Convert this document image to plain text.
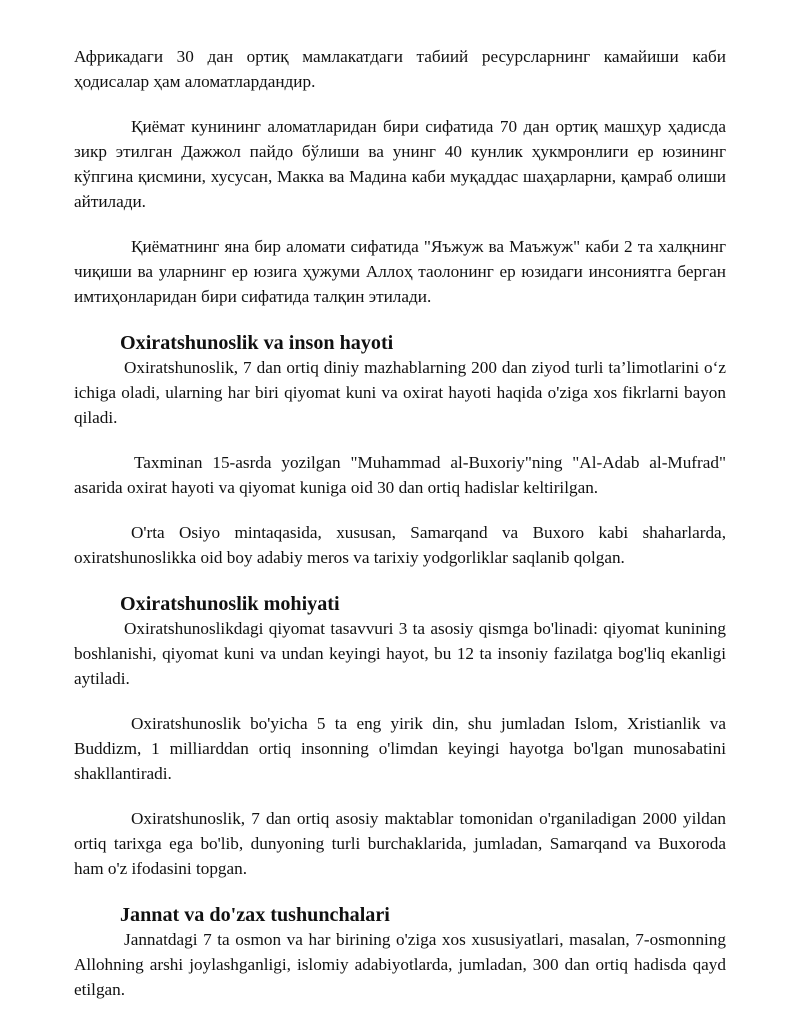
Африкадаги 30 дан ортиқ мамлакатдаги табиий ресурсларнинг камайиши каби ҳодисалар ҳам аломатлардандир.

Қиёмат кунининг аломатларидан бири сифатида 70 дан ортиқ машҳур ҳадисда зикр этилган Дажжол пайдо бўлиши ва унинг 40 кунлик ҳукмронлиги ер юзининг кўпгина қисмини, хусусан, Макка ва Мадина каби муқаддас шаҳарларни, қамраб олиши айтилади.

Қиёматнинг яна бир аломати сифатида "Яъжуж ва Маъжуж" каби 2 та халқнинг чиқиши ва уларнинг ер юзига ҳужуми Аллоҳ таолонинг ер юзидаги инсониятга берган имтиҳонларидан бири сифатида талқин этилади.

Oxiratshunoslik va inson hayoti

Oxiratshunoslik, 7 dan ortiq diniy mazhablarning 200 dan ziyod turli ta’limotlarini o‘z ichiga oladi, ularning har biri qiyomat kuni va oxirat hayoti haqida o'ziga xos fikrlarni bayon qiladi.

Taxminan 15-asrda yozilgan "Muhammad al-Buxoriy"ning "Al-Adab al-Mufrad" asarida oxirat hayoti va qiyomat kuniga oid 30 dan ortiq hadislar keltirilgan.

O'rta Osiyo mintaqasida, xususan, Samarqand va Buxoro kabi shaharlarda, oxiratshunoslikka oid boy adabiy meros va tarixiy yodgorliklar saqlanib qolgan.

Oxiratshunoslik mohiyati

Oxiratshunoslikdagi qiyomat tasavvuri 3 ta asosiy qismga bo'linadi: qiyomat kunining boshlanishi, qiyomat kuni va undan keyingi hayot, bu 12 ta insoniy fazilatga bog'liq ekanligi aytiladi.

Oxiratshunoslik bo'yicha 5 ta eng yirik din, shu jumladan Islom, Xristianlik va Buddizm, 1 milliarddan ortiq insonning o'limdan keyingi hayotga bo'lgan munosabatini shakllantiradi.

Oxiratshunoslik, 7 dan ortiq asosiy maktablar tomonidan o'rganiladigan 2000 yildan ortiq tarixga ega bo'lib, dunyoning turli burchaklarida, jumladan, Samarqand va Buxoroda ham o'z ifodasini topgan.

Jannat va do'zax tushunchalari

Jannatdagi 7 ta osmon va har birining o'ziga xos xususiyatlari, masalan, 7-osmonning Allohning arshi joylashganligi, islomiy adabiyotlarda, jumladan, 300 dan ortiq hadisda qayd etilgan.
